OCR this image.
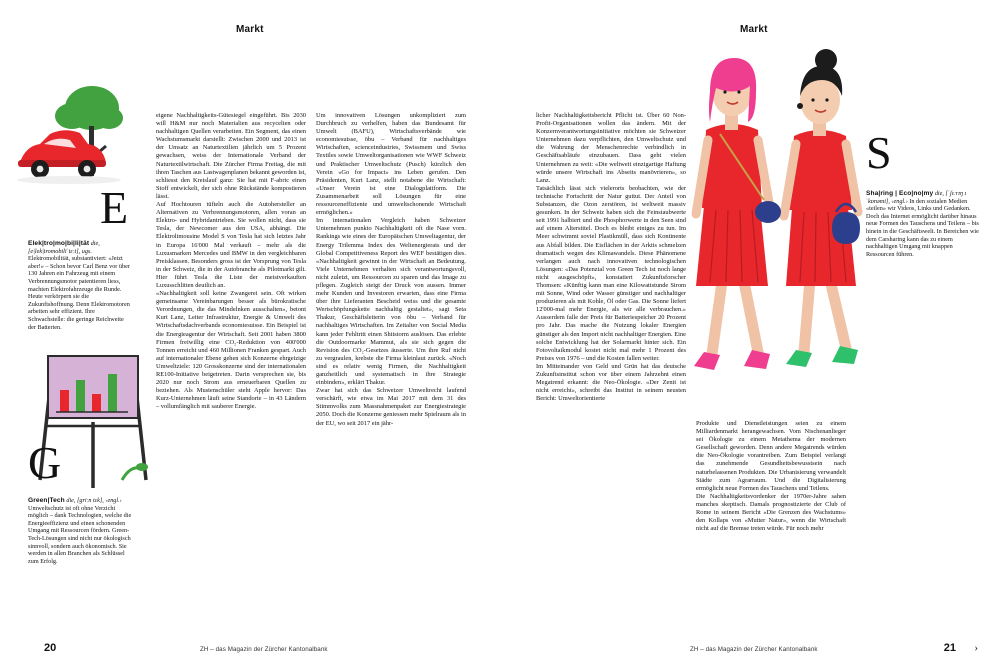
Markt
E
Elek|tro|mo|bi|li|tät die, [e|lek|tromobiliˈtɛːt], ugs. Elektromobilität, substantiviert: «Jetzt aber!» – Schon bevor Carl Benz vor über 130 Jahren ein Fahrzeug mit einem Verbrennungsmotor patentieren liess, machten Elektrofahrzeuge die Runde. Heute verkörpern sie die Zukunftshoffnung. Denn Elektromotoren arbeiten sehr effizient. Ihre Schwachstelle: die geringe Reichweite der Batterien.
G
Green|Tech die, [griːn tɛk], ‹engl.› Umweltschutz ist oft ohne Verzicht möglich – dank Technologien, welche die Energieeffizienz und einen schonenden Umgang mit Ressourcen fördern. Green-Tech-Lösungen sind nicht nur ökologisch sinnvoll, sondern auch ökonomisch. Sie werden in allen Branchen als Schlüssel zum Erfolg.

eigene Nachhaltigkeits-Gütesiegel eingeführt. Bis 2030 will H&M nur noch Materialien aus recycelten oder nachhaltigen Quellen verarbeiten. Ein Segment, das einen Wachstumsmarkt darstellt: Zwischen 2000 und 2013 ist der Umsatz an Naturtextilien jährlich um 5 Prozent gewachsen, weiss der Internationale Verband der Naturtextilwirtschaft. Die Zürcher Firma Freitag, die mit ihren Taschen aus Lastwagenplanen bekannt geworden ist, schliesst den Kreislauf ganz: Sie hat mit F-abric einen Stoff entwickelt, der sich ohne Rückstände kompostieren lässt.

Auf Hochtouren tüfteln auch die Autohersteller an Alternativen zu Verbrennungsmotoren, allen voran an Elektro- und Hybridantrieben. Sie wollen nicht, dass sie Tesla, der Newcomer aus den USA, abhängt. Die Elektrolimousine Model S von Tesla hat sich letztes Jahr in Europa 16'000 Mal verkauft – mehr als die Luxusmarken Mercedes und BMW in den vergleichbaren Preisklassen. Besonders gross ist der Vorsprung von Tesla in der Schweiz, die in der Autobranche als Pilotmarkt gilt. Hier führt Tesla die Liste der meistverkauften Luxusschlitten deutlich an.

«Nachhaltigkeit soll keine Zwangerei sein. Oft wirken gemeinsame Vereinbarungen besser als bürokratische Verordnungen, die das Mindelnken ausschalten», betont Kurt Lanz, Leiter Infrastruktur, Energie & Umwelt des Wirtschaftsdachverbands economiesuisse. Ein Beispiel ist die Energieagentur der Wirtschaft. Seit 2001 haben 3800 Firmen freiwillig eine CO₂-Reduktion von 400'000 Tonnen erreicht und 460 Millionen Franken gespart. Auch auf internationaler Ebene gehen sich Konzerne ehrgeizige Umweltziele: 120 Grosskonzerne sind der internationalen RE100-Initiative beigetreten. Darin versprechen sie, bis 2020 nur noch Strom aus erneuerbaren Quellen zu beziehen. Als Mustenschüler steht Apple hervor: Das Kurz-Unternehmen läuft seine Standorte – in 43 Ländern – vollumfänglich mit sauberer Energie.

Um innovativen Lösungen unkompliziert zum Durchbruch zu verhelfen, haben das Bundesamt für Umwelt (BAFU), Wirtschaftsverbände wie economiesuisse, öbu – Verband für nachhaltiges Wirtschaften, scienceindustries, Swissmem und Swiss Textiles sowie Umweltorganisationen wie WWF Schweiz und Praktischer Umweltschutz (Pusch) kürzlich den Verein «Go for Impact» ins Leben gerufen. Den Präsidenten, Kurt Lanz, stellt notabene die Wirtschaft: «Unser Verein ist eine Dialogplattform. Die Zusammenarbeit soll Lösungen für eine ressourceneffiziente und umweltschonende Wirtschaft ermöglichen.»

Im internationalen Vergleich haben Schweizer Unternehmen punkto Nachhaltigkeit oft die Nase vorn. Rankings wie eines der Europäischen Umweltagentur, der Energy Trilemma Index des Weltenergierats und der Global Competitiveness Report des WEF bestätigen dies. «Nachhaltigkeit gewinnt in der Wirtschaft an Bedeutung. Viele Unternehmen verhalten sich verantwortungsvoll, nicht zuletzt, um Ressourcen zu sparen und das Image zu pflegen. Zugleich steigt der Druck von aussen. Immer mehr Kunden und Investoren erwarten, dass eine Firma über ihre Lieferanten Bescheid weiss und die gesamte Wertschöpfungskette nachhaltig gestaltet», sagt Seta Thakur, Geschäftsleiterin von öbu – Verband für nachhaltiges Wirtschaften. Im Zeitalter von Social Media kann jeder Fehltritt einen Shitstorm auslösen. Das erlebte die Outdoormarke Mammut, als sie sich gegen die Revision des CO₂-Gesetzes äusserte. Um ihre Ruf nicht zu vergraulen, krebste die Firma kleinlaut zurück. «Noch sind es relativ wenig Firmen, die Nachhaltigkeit ganzheitlich und systematisch in ihre Strategie einbinden», erklärt Thakur.

Zwar hat sich das Schweizer Umweltrecht laufend verschärft, wie etwa im Mai 2017 mit dem 31 des Stimmvolks zum Massnahmenpaket zur Energiestrategie 2050. Doch die Konzerne geniessen mehr Spielraum als in der EU, wo seit 2017 ein jähr-

20	ZH – das Magazin der Zürcher Kantonalbank
Markt
S
Sha|ring | Eco|no|my die, [ˈʃɛːrɪŋ ɪˈkɒnəmi], ‹engl.› In den sozialen Medien «teilen» wir Videos, Links und Gedanken. Doch das Internet ermöglicht darüber hinaus neue Formen des Tauschens und Teilens – bis hinein in die Geschäftswelt. In Bereichen wie dem Carsharing kann das zu einem nachhaltigen Umgang mit knappen Ressourcen führen.

licher Nachhaltigkeitsbericht Pflicht ist. Über 60 Non-Profit-Organisationen wollen das ändern. Mit der Konzernverantwortungsinitiative möchten sie Schweizer Unternehmen dazu verpflichten, den Umweltschutz und die Wahrung der Menschenrechte verbindlich in Geschäftsabläufe einzubauen. Dass geht vielen Unternehmen zu weit: «Die weltweit einzigartige Haftung würde unsere Wirtschaft ins Abseits manövrieren», so Lanz.

Tatsächlich lässt sich vielerorts beobachten, wie der technische Fortschritt der Natur guttut. Der Anteil von Substanzen, die Ozon zerstören, ist weltweit massiv gesunken. In der Schweiz haben sich die Feinstaubwerte seit 1991 halbiert und die Phosphorwerte in den Seen sind auf einem Alterstitel. Doch es bleibt einiges zu tun. Im Meer schwimmt soviel Plastikmüll, dass sich Kontinente aus Abfall bilden. Die Eisflächen in der Arktis schmelzen dramatisch wegen des Klimawandels. Diese Phänomene verlangen auch nach innovativen technologischen Lösungen: «Das Potenzial von Green Tech ist noch lange nicht ausgeschöpft», konstatiert Zukunftsforscher Thomsen: «Künftig kann man eine Kilowattstunde Strom mit Sonne, Wind oder Wasser günstiger und nachhaltiger produzieren als mit Kohle, Öl oder Gas. Die Sonne liefert 12'000-mal mehr Energie, als wir alle verbrauchen.» Ausserdem falle der Preis für Batteriespeicher 20 Prozent pro Jahr. Das mache die Nutzung lokaler Energien günstiger als den Import nicht nachhaltiger Energien. Eine solche Entwicklung hat der Solarmarkt hinter sich. Ein Fotovoltaikmodul kostet nicht mal mehr 1 Prozent des Preises von 1976 – und die Kosten fallen weiter.

Im Mitteinander von Geld und Grün hat das deutsche Zukunftsinstitut schon vor über einem Jahrzehnt einen Megatrend erkannt: die Neo-Ökologie. «Der Zenit ist nicht erreicht», schreibt das Institut in seinem neusten Bericht: Umweltorientierte

Produkte und Dienstleistungen seien zu einem Milliardenmarkt herangewachsen. Vom Nischenanlieger sei Ökologie zu einem Metathema der modernen Gesellschaft geworden. Denn andere Megatrends würden die Neo-Ökologie vorantreiben. Zum Beispiel verlangt das zunehmende Gesundheitsbewusstsein nach naturbelassenen Produkten. Die Urbanisierung verwandelt Städte zum Agrarraum. Und die Digitalisierung ermöglicht neue Formen des Tauschens und Teilens.

Die Nachhaltigkeitsvordenker der 1970er-Jahre sahen manches skeptisch. Damals prognostizierte der Club of Rome in seinem Bericht «Die Grenzen des Wachstums» den Kollaps von «Mutter Natur», wenn die Wirtschaft nicht auf die Bremse treten würde. Für noch mehr

21
ZH – das Magazin der Zürcher Kantonalbank	›
